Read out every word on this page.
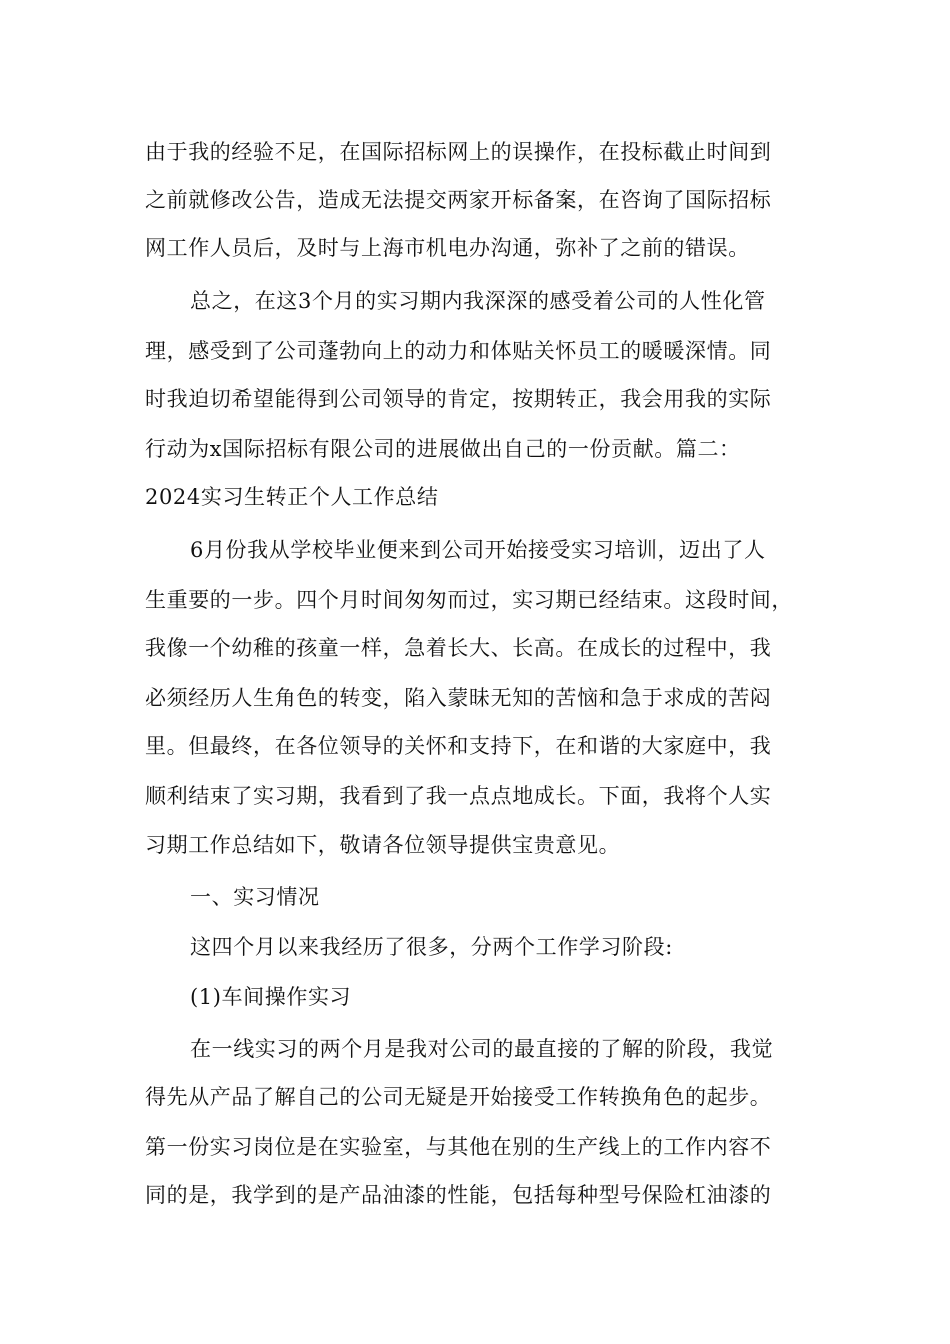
由于我的经验不足，在国际招标网上的误操作，在投标截止时间到
之前就修改公告，造成无法提交两家开标备案，在咨询了国际招标
网工作人员后，及时与上海市机电办沟通，弥补了之前的错误。
总之，在这3个月的实习期内我深深的感受着公司的人性化管
理，感受到了公司蓬勃向上的动力和体贴关怀员工的暖暖深情。同
时我迫切希望能得到公司领导的肯定，按期转正，我会用我的实际
行动为x国际招标有限公司的进展做出自己的一份贡献。篇二：
2024实习生转正个人工作总结
6月份我从学校毕业便来到公司开始接受实习培训，迈出了人
生重要的一步。四个月时间匆匆而过，实习期已经结束。这段时间，
我像一个幼稚的孩童一样，急着长大、长高。在成长的过程中，我
必须经历人生角色的转变，陷入蒙昧无知的苦恼和急于求成的苦闷
里。但最终，在各位领导的关怀和支持下，在和谐的大家庭中，我
顺利结束了实习期，我看到了我一点点地成长。下面，我将个人实
习期工作总结如下，敬请各位领导提供宝贵意见。
一、实习情况
这四个月以来我经历了很多，分两个工作学习阶段:
(1)车间操作实习
在一线实习的两个月是我对公司的最直接的了解的阶段，我觉
得先从产品了解自己的公司无疑是开始接受工作转换角色的起步。
第一份实习岗位是在实验室，与其他在别的生产线上的工作内容不
同的是，我学到的是产品油漆的性能，包括每种型号保险杠油漆的
